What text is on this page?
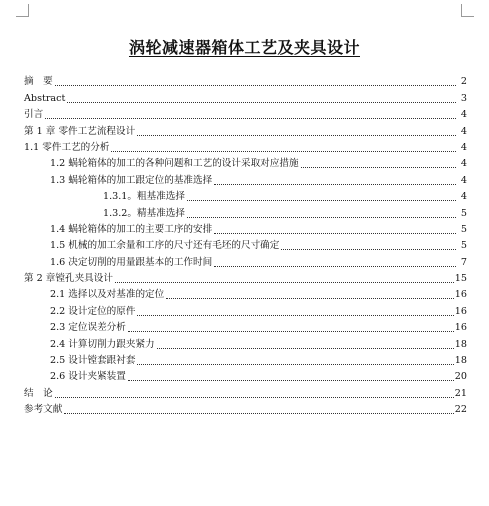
涡轮减速器箱体工艺及夹具设计
摘　要	2
Abstract	3
引言	4
第 1 章 零件工艺流程设计	4
1.1 零件工艺的分析	4
1.2 蜗轮箱体的加工的各种问题和工艺的设计采取对应措施	4
1.3 蜗轮箱体的加工跟定位的基准选择	4
1.3.1。粗基准选择	4
1.3.2。精基准选择	5
1.4 蜗轮箱体的加工的主要工序的安排	5
1.5 机械的加工余量和工序的尺寸还有毛坯的尺寸确定	5
1.6 决定切削的用量跟基本的工作时间	7
第 2 章镗孔夹具设计	15
2.1 选择以及对基准的定位	16
2.2 设计定位的原件	16
2.3 定位误差分析	16
2.4 计算切削力跟夹紧力	18
2.5 设计镗套跟衬套	18
2.6 设计夹紧装置	20
结　论	21
参考文献	22
